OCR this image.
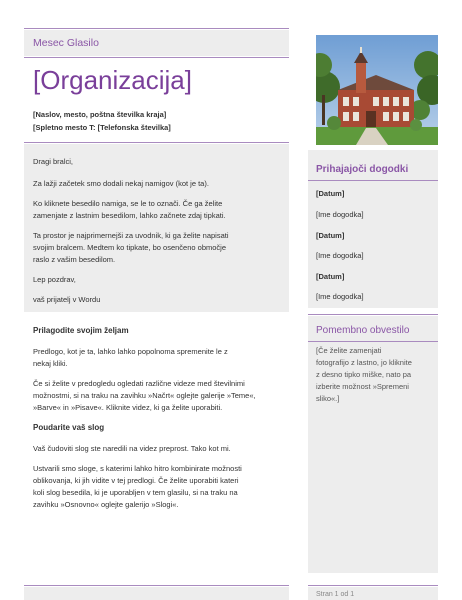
Mesec Glasilo
[Organizacija]
[Naslov, mesto, poštna številka kraja]
[Spletno mesto T: [Telefonska številka]
Dragi bralci,
Za lažji začetek smo dodali nekaj namigov (kot je ta).
Ko kliknete besedilo namiga, se le to označi. Če ga želite
zamenjate z lastnim besedilom, lahko začnete zdaj tipkati.
Ta prostor je najprimernejši za uvodnik, ki ga želite napisati
svojim bralcem. Medtem ko tipkate, bo osenčeno območje
raslo z vašim besedilom.
Lep pozdrav,
vaš prijatelj v Wordu
Prilagodite svojim željam
Predlogo, kot je ta, lahko lahko popolnoma spremenite le z
nekaj kliki.
Če si želite v predogledu ogledati različne videze med številnimi
možnostmi, si na traku na zavihku »Načrt« oglejte galerije »Teme«,
»Barve« in »Pisave«. Kliknite videz, ki ga želite uporabiti.
Poudarite vaš slog
Vaš čudoviti slog ste naredili na videz preprost. Tako kot mi.
Ustvarili smo sloge, s katerimi lahko hitro kombinirate možnosti
oblikovanja, ki jih vidite v tej predlogi. Če želite uporabiti kateri
koli slog besedila, ki je uporabljen v tem glasilu, si na traku na
zavihku »Osnovno« oglejte galerijo »Slogi«.
Prihajajoči dogodki
[Datum]
[Ime dogodka]
[Datum]
[Ime dogodka]
[Datum]
[Ime dogodka]
Pomembno obvestilo
[Če želite zamenjati
fotografijo z lastno, jo kliknite
z desno tipko miške, nato pa
izberite možnost »Spremeni
sliko«.]
Stran 1 od 1
